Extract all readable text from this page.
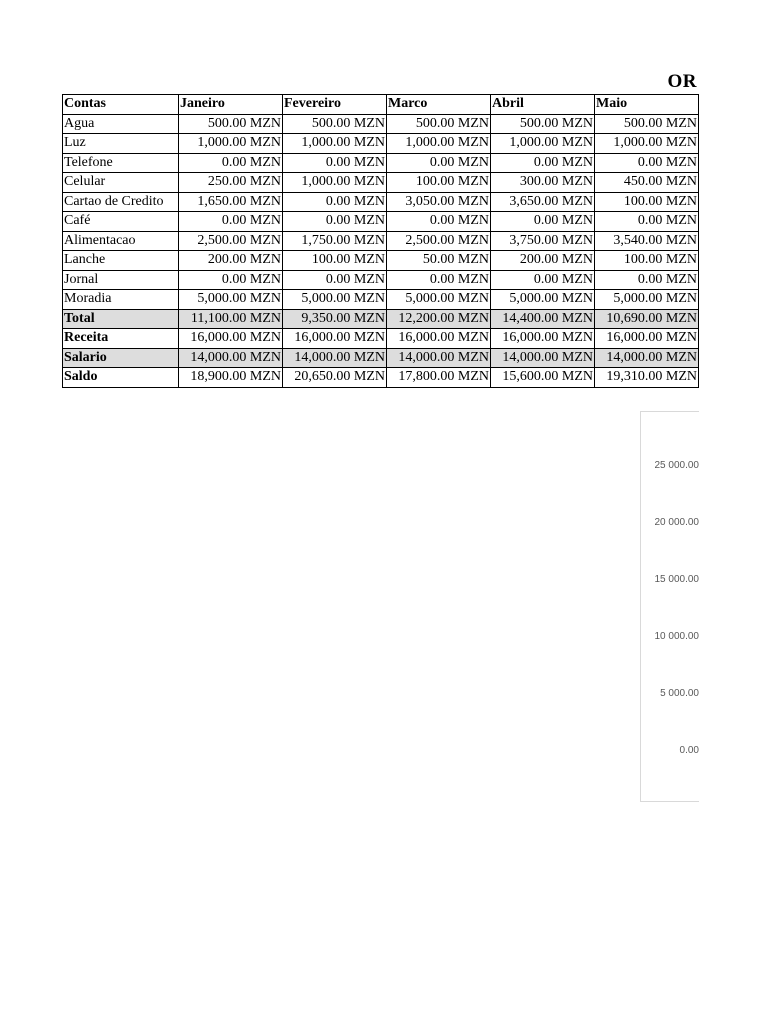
OR
Contas	Janeiro	Fevereiro	Marco	Abril	Maio
Agua	500.00 MZN	500.00 MZN	500.00 MZN	500.00 MZN	500.00 MZN
Luz	1,000.00 MZN	1,000.00 MZN	1,000.00 MZN	1,000.00 MZN	1,000.00 MZN
Telefone	0.00 MZN	0.00 MZN	0.00 MZN	0.00 MZN	0.00 MZN
Celular	250.00 MZN	1,000.00 MZN	100.00 MZN	300.00 MZN	450.00 MZN
Cartao de Credito	1,650.00 MZN	0.00 MZN	3,050.00 MZN	3,650.00 MZN	100.00 MZN
Café	0.00 MZN	0.00 MZN	0.00 MZN	0.00 MZN	0.00 MZN
Alimentacao	2,500.00 MZN	1,750.00 MZN	2,500.00 MZN	3,750.00 MZN	3,540.00 MZN
Lanche	200.00 MZN	100.00 MZN	50.00 MZN	200.00 MZN	100.00 MZN
Jornal	0.00 MZN	0.00 MZN	0.00 MZN	0.00 MZN	0.00 MZN
Moradia	5,000.00 MZN	5,000.00 MZN	5,000.00 MZN	5,000.00 MZN	5,000.00 MZN
Total	11,100.00 MZN	9,350.00 MZN	12,200.00 MZN	14,400.00 MZN	10,690.00 MZN
Receita	16,000.00 MZN	16,000.00 MZN	16,000.00 MZN	16,000.00 MZN	16,000.00 MZN
Salario	14,000.00 MZN	14,000.00 MZN	14,000.00 MZN	14,000.00 MZN	14,000.00 MZN
Saldo	18,900.00 MZN	20,650.00 MZN	17,800.00 MZN	15,600.00 MZN	19,310.00 MZN
25 000.00
20 000.00
15 000.00
10 000.00
5 000.00
0.00
